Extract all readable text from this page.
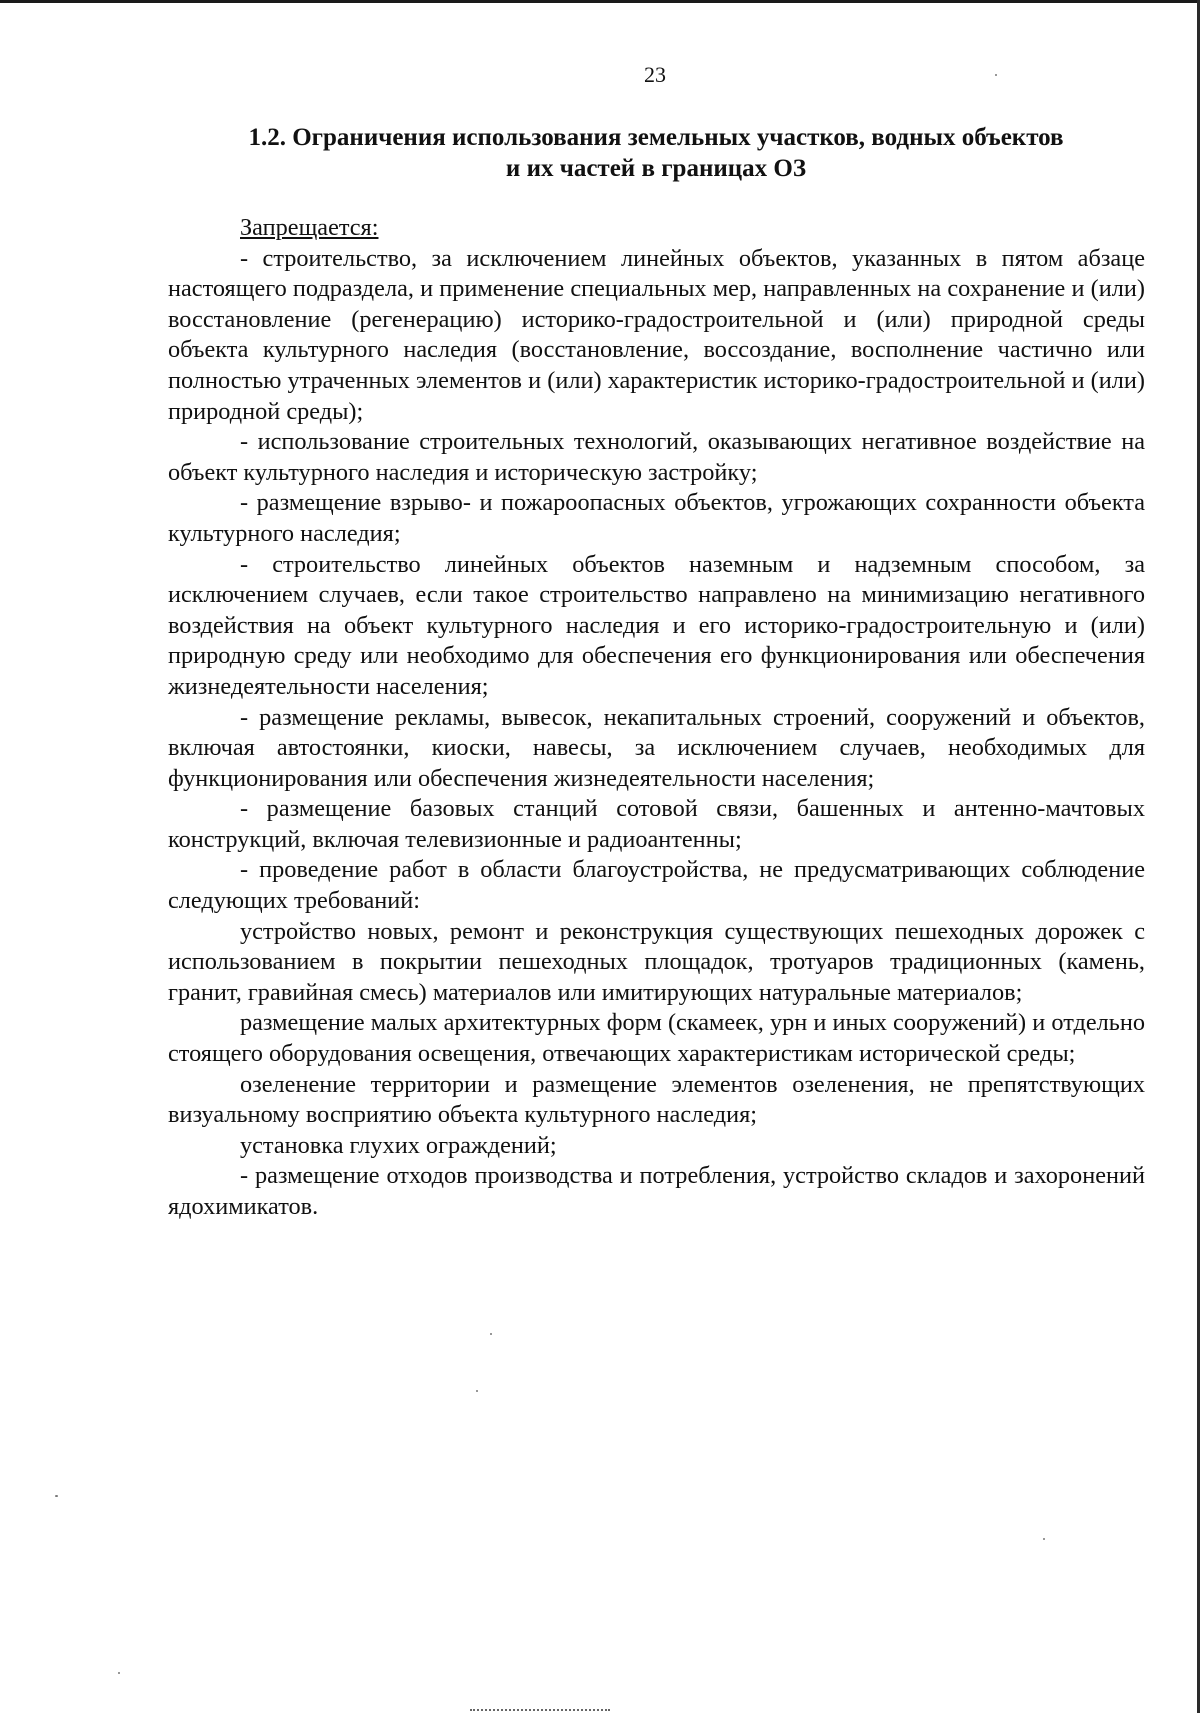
23
1.2. Ограничения использования земельных участков, водных объектов
и их частей в границах ОЗ

Запрещается:

- строительство, за исключением линейных объектов, указанных в пятом абзаце настоящего подраздела, и применение специальных мер, направленных на сохранение и (или) восстановление (регенерацию) историко-градостроительной и (или) природной среды объекта культурного наследия (восстановление, воссоздание, восполнение частично или полностью утраченных элементов и (или) характеристик историко-градостроительной и (или) природной среды);

- использование строительных технологий, оказывающих негативное воздействие на объект культурного наследия и историческую застройку;

- размещение взрыво- и пожароопасных объектов, угрожающих сохранности объекта культурного наследия;

- строительство линейных объектов наземным и надземным способом, за исключением случаев, если такое строительство направлено на минимизацию негативного воздействия на объект культурного наследия и его историко-градостроительную и (или) природную среду или необходимо для обеспечения его функционирования или обеспечения жизнедеятельности населения;

- размещение рекламы, вывесок, некапитальных строений, сооружений и объектов, включая автостоянки, киоски, навесы, за исключением случаев, необходимых для функционирования или обеспечения жизнедеятельности населения;

- размещение базовых станций сотовой связи, башенных и антенно-мачтовых конструкций, включая телевизионные и радиоантенны;

- проведение работ в области благоустройства, не предусматривающих соблюдение следующих требований:

устройство новых, ремонт и реконструкция существующих пешеходных дорожек с использованием в покрытии пешеходных площадок, тротуаров традиционных (камень, гранит, гравийная смесь) материалов или имитирующих натуральные материалов;

размещение малых архитектурных форм (скамеек, урн и иных сооружений) и отдельно стоящего оборудования освещения, отвечающих характеристикам исторической среды;

озеленение территории и размещение элементов озеленения, не препятствующих визуальному восприятию объекта культурного наследия;

установка глухих ограждений;

- размещение отходов производства и потребления, устройство складов и захоронений ядохимикатов.
